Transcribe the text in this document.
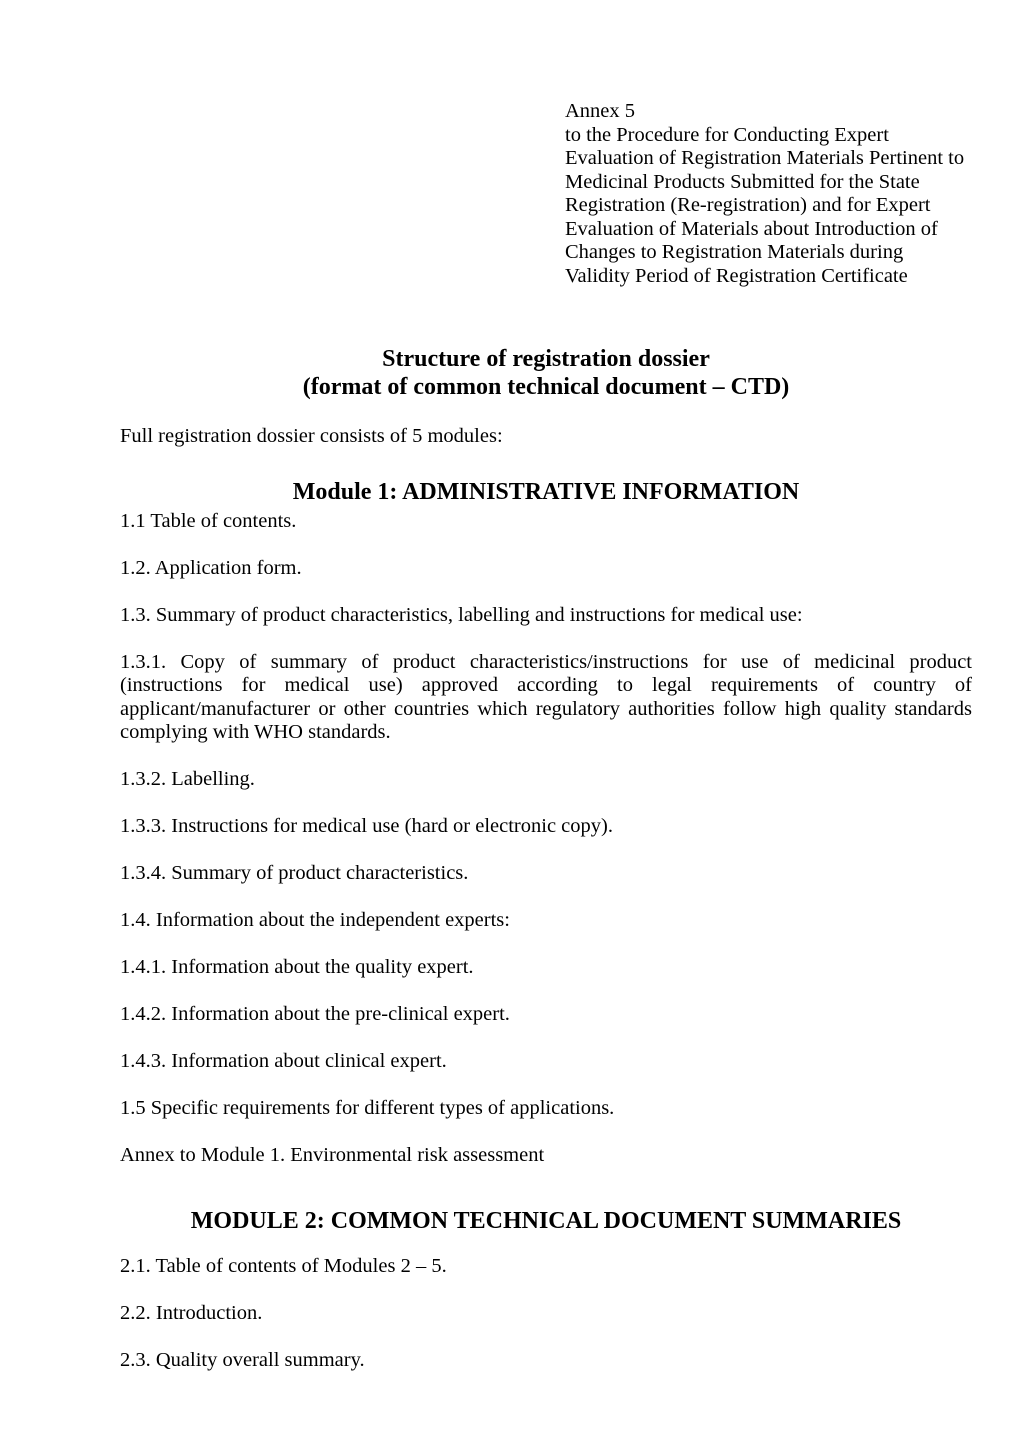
Annex 5
to the Procedure for Conducting Expert
Evaluation of Registration Materials Pertinent to
Medicinal Products Submitted for the State
Registration (Re-registration) and for Expert
Evaluation of Materials about Introduction of
Changes to Registration Materials during
Validity Period of Registration Certificate
Structure of registration dossier
(format of common technical document – CTD)

Full registration dossier consists of 5 modules:

Module 1: ADMINISTRATIVE INFORMATION

1.1 Table of contents.

1.2. Application form.

1.3. Summary of product characteristics, labelling and instructions for medical use:

1.3.1. Copy of summary of product characteristics/instructions for use of medicinal product (instructions for medical use) approved according to legal requirements of country of applicant/manufacturer or other countries which regulatory authorities follow high quality standards complying with WHO standards.

1.3.2. Labelling.

1.3.3. Instructions for medical use (hard or electronic copy).

1.3.4. Summary of product characteristics.

1.4. Information about the independent experts:

1.4.1. Information about the quality expert.

1.4.2. Information about the pre-clinical expert.

1.4.3. Information about clinical expert.

1.5 Specific requirements for different types of applications.

Annex to Module 1. Environmental risk assessment

MODULE 2: COMMON TECHNICAL DOCUMENT SUMMARIES

2.1. Table of contents of Modules 2 – 5.

2.2. Introduction.

2.3. Quality overall summary.
